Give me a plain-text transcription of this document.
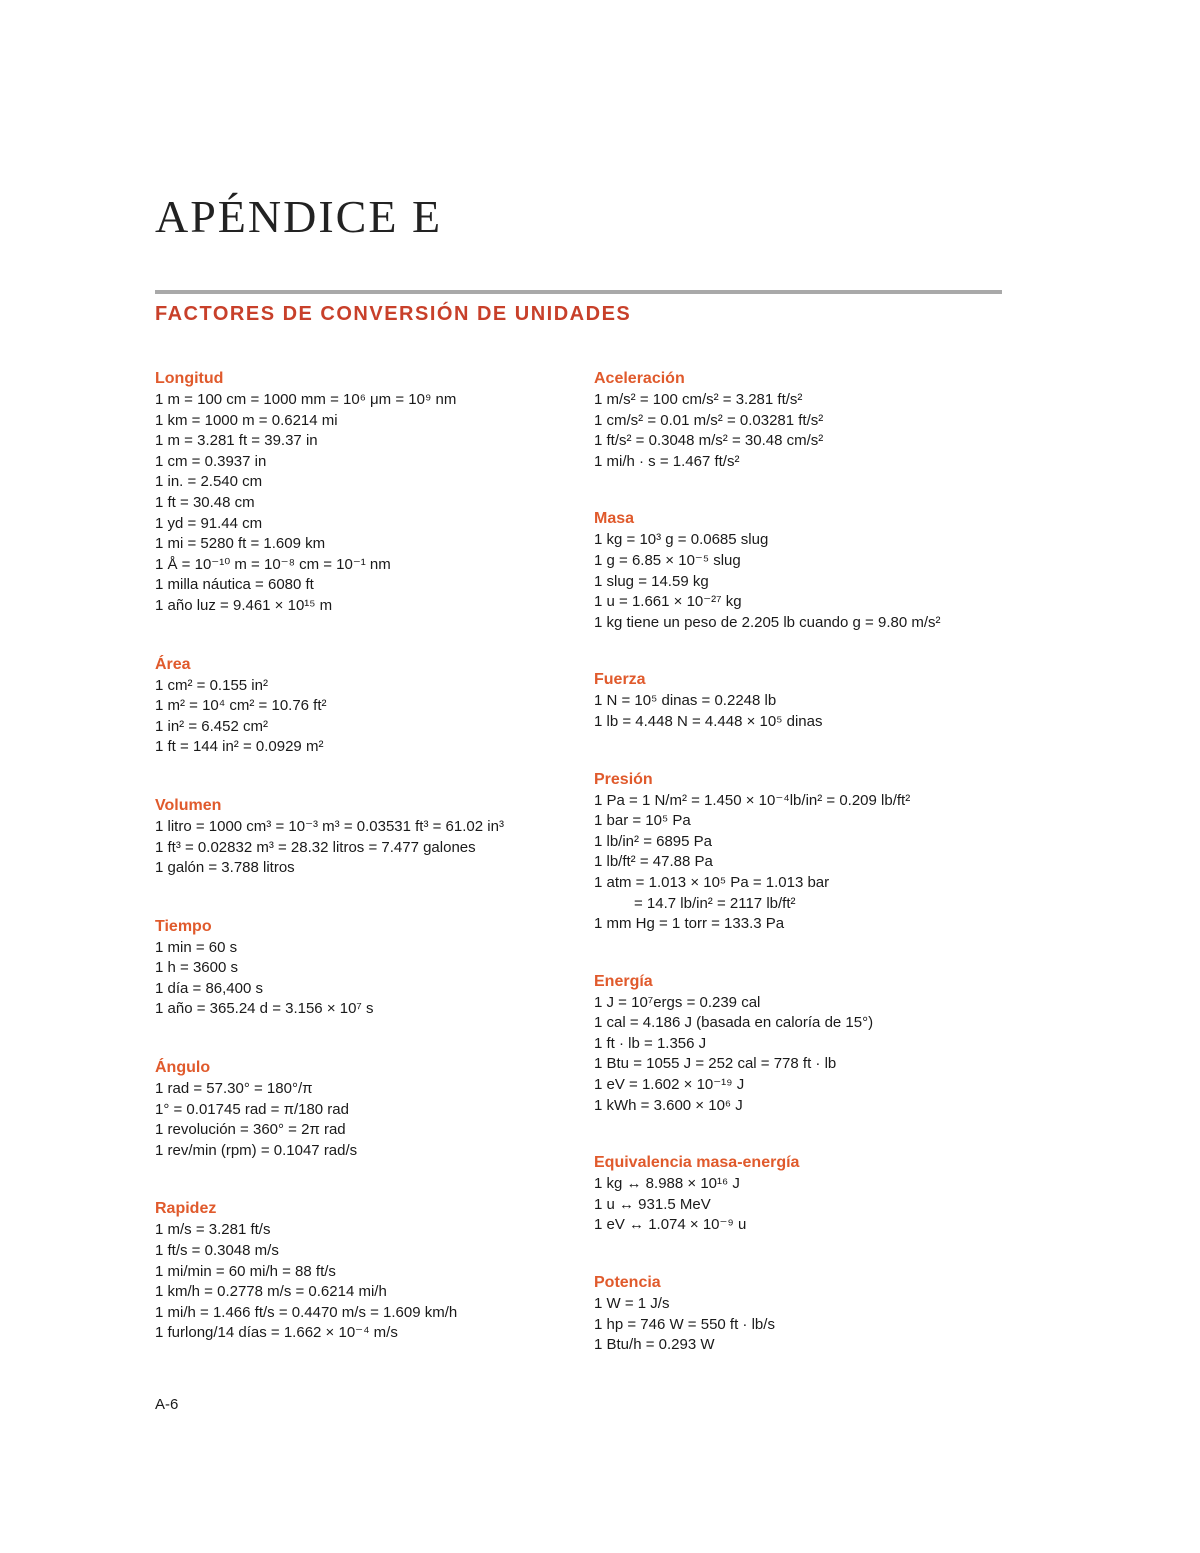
APÉNDICE E
FACTORES DE CONVERSIÓN DE UNIDADES
Longitud
1 m = 100 cm = 1000 mm = 10⁶ μm = 10⁹ nm
1 km = 1000 m = 0.6214 mi
1 m = 3.281 ft = 39.37 in
1 cm = 0.3937 in
1 in. = 2.540 cm
1 ft = 30.48 cm
1 yd = 91.44 cm
1 mi = 5280 ft = 1.609 km
1 Å = 10⁻¹⁰ m = 10⁻⁸ cm = 10⁻¹ nm
1 milla náutica = 6080 ft
1 año luz = 9.461 × 10¹⁵ m
Área
1 cm² = 0.155 in²
1 m² = 10⁴ cm² = 10.76 ft²
1 in² = 6.452 cm²
1 ft = 144 in² = 0.0929 m²
Volumen
1 litro = 1000 cm³ = 10⁻³ m³ = 0.03531 ft³ = 61.02 in³
1 ft³ = 0.02832 m³ = 28.32 litros = 7.477 galones
1 galón = 3.788 litros
Tiempo
1 min = 60 s
1 h = 3600 s
1 día = 86,400 s
1 año = 365.24 d = 3.156 × 10⁷ s
Ángulo
1 rad = 57.30° = 180°/π
1° = 0.01745 rad = π/180 rad
1 revolución = 360° = 2π rad
1 rev/min (rpm) = 0.1047 rad/s
Rapidez
1 m/s = 3.281 ft/s
1 ft/s = 0.3048 m/s
1 mi/min = 60 mi/h = 88 ft/s
1 km/h = 0.2778 m/s = 0.6214 mi/h
1 mi/h = 1.466 ft/s = 0.4470 m/s = 1.609 km/h
1 furlong/14 días = 1.662 × 10⁻⁴ m/s
Aceleración
1 m/s² = 100 cm/s² = 3.281 ft/s²
1 cm/s² = 0.01 m/s² = 0.03281 ft/s²
1 ft/s² = 0.3048 m/s² = 30.48 cm/s²
1 mi/h · s = 1.467 ft/s²
Masa
1 kg = 10³ g = 0.0685 slug
1 g = 6.85 × 10⁻⁵ slug
1 slug = 14.59 kg
1 u = 1.661 × 10⁻²⁷ kg
1 kg tiene un peso de 2.205 lb cuando g = 9.80 m/s²
Fuerza
1 N = 10⁵ dinas = 0.2248 lb
1 lb = 4.448 N = 4.448 × 10⁵ dinas
Presión
1 Pa = 1 N/m² = 1.450 × 10⁻⁴lb/in² = 0.209 lb/ft²
1 bar = 10⁵ Pa
1 lb/in² = 6895 Pa
1 lb/ft² = 47.88 Pa
1 atm = 1.013 × 10⁵ Pa = 1.013 bar
= 14.7 lb/in² = 2117 lb/ft²
1 mm Hg = 1 torr = 133.3 Pa
Energía
1 J = 10⁷ergs = 0.239 cal
1 cal = 4.186 J (basada en caloría de 15°)
1 ft · lb = 1.356 J
1 Btu = 1055 J = 252 cal = 778 ft · lb
1 eV = 1.602 × 10⁻¹⁹ J
1 kWh = 3.600 × 10⁶ J
Equivalencia masa-energía
1 kg ↔ 8.988 × 10¹⁶ J
1 u ↔ 931.5 MeV
1 eV ↔ 1.074 × 10⁻⁹ u
Potencia
1 W = 1 J/s
1 hp = 746 W = 550 ft · lb/s
1 Btu/h = 0.293 W
A-6
